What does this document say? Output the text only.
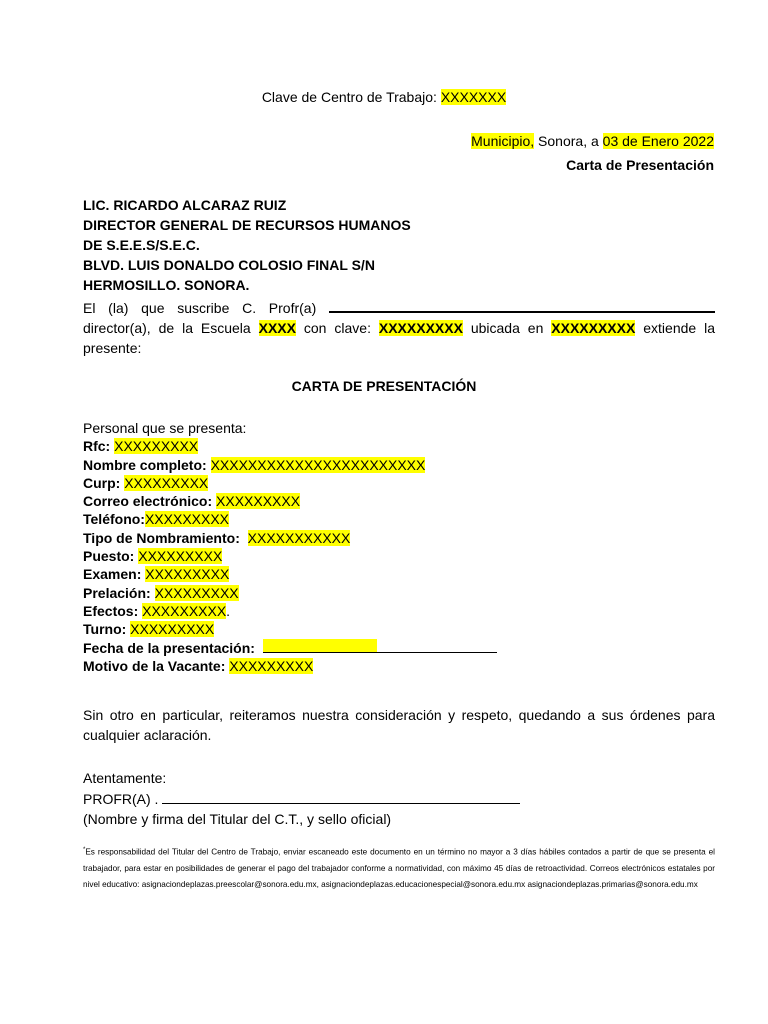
Clave de Centro de Trabajo: XXXXXXX
Municipio, Sonora, a 03 de Enero 2022
Carta de Presentación
LIC. RICARDO ALCARAZ RUIZ
DIRECTOR GENERAL DE RECURSOS HUMANOS
DE S.E.E.S/S.E.C.
BLVD. LUIS DONALDO COLOSIO FINAL S/N
HERMOSILLO. SONORA.
El (la) que suscribe C. Profr(a)  director(a), de la Escuela XXXX con clave: XXXXXXXXX ubicada en XXXXXXXXX extiende la presente:
CARTA DE PRESENTACIÓN
Personal que se presenta:
Rfc: XXXXXXXXX
Nombre completo: XXXXXXXXXXXXXXXXXXXXXXX
Curp: XXXXXXXXX
Correo electrónico: XXXXXXXXX
Teléfono:XXXXXXXXX
Tipo de Nombramiento: XXXXXXXXXXX
Puesto: XXXXXXXXX
Examen: XXXXXXXXX
Prelación: XXXXXXXXX
Efectos: XXXXXXXXX.
Turno: XXXXXXXXX
Fecha de la presentación:
Motivo de la Vacante: XXXXXXXXX
Sin otro en particular, reiteramos nuestra consideración y respeto, quedando a sus órdenes para cualquier aclaración.
Atentamente:
PROFR(A) .
(Nombre y firma del Titular del C.T., y sello oficial)
*Es responsabilidad del Titular del Centro de Trabajo, enviar escaneado este documento en un término no mayor a 3 días hábiles contados a partir de que se presenta el trabajador, para estar en posibilidades de generar el pago del trabajador conforme a normatividad, con máximo 45 días de retroactividad. Correos electrónicos estatales por nivel educativo: asignaciondeplazas.preescolar@sonora.edu.mx, asignaciondeplazas.educacionespecial@sonora.edu.mx asignaciondeplazas.primarias@sonora.edu.mx
